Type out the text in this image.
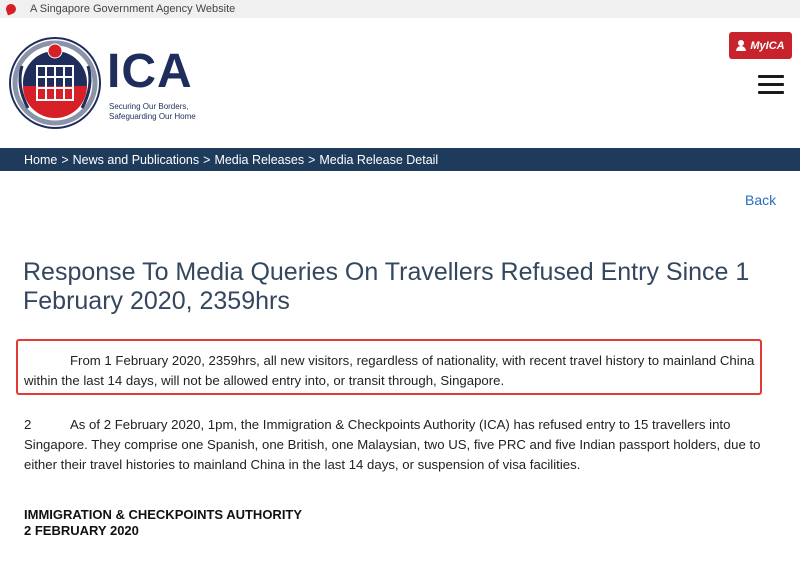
A Singapore Government Agency Website
ICA
Securing Our Borders, Safeguarding Our Home
MyICA
Home > News and Publications > Media Releases > Media Release Detail
Back
Response To Media Queries On Travellers Refused Entry Since 1 February 2020, 2359hrs

From 1 February 2020, 2359hrs, all new visitors, regardless of nationality, with recent travel history to mainland China within the last 14 days, will not be allowed entry into, or transit through, Singapore.

2	As of 2 February 2020, 1pm, the Immigration & Checkpoints Authority (ICA) has refused entry to 15 travellers into Singapore. They comprise one Spanish, one British, one Malaysian, two US, five PRC and five Indian passport holders, due to either their travel histories to mainland China in the last 14 days, or suspension of visa facilities.

IMMIGRATION & CHECKPOINTS AUTHORITY

2 FEBRUARY 2020
